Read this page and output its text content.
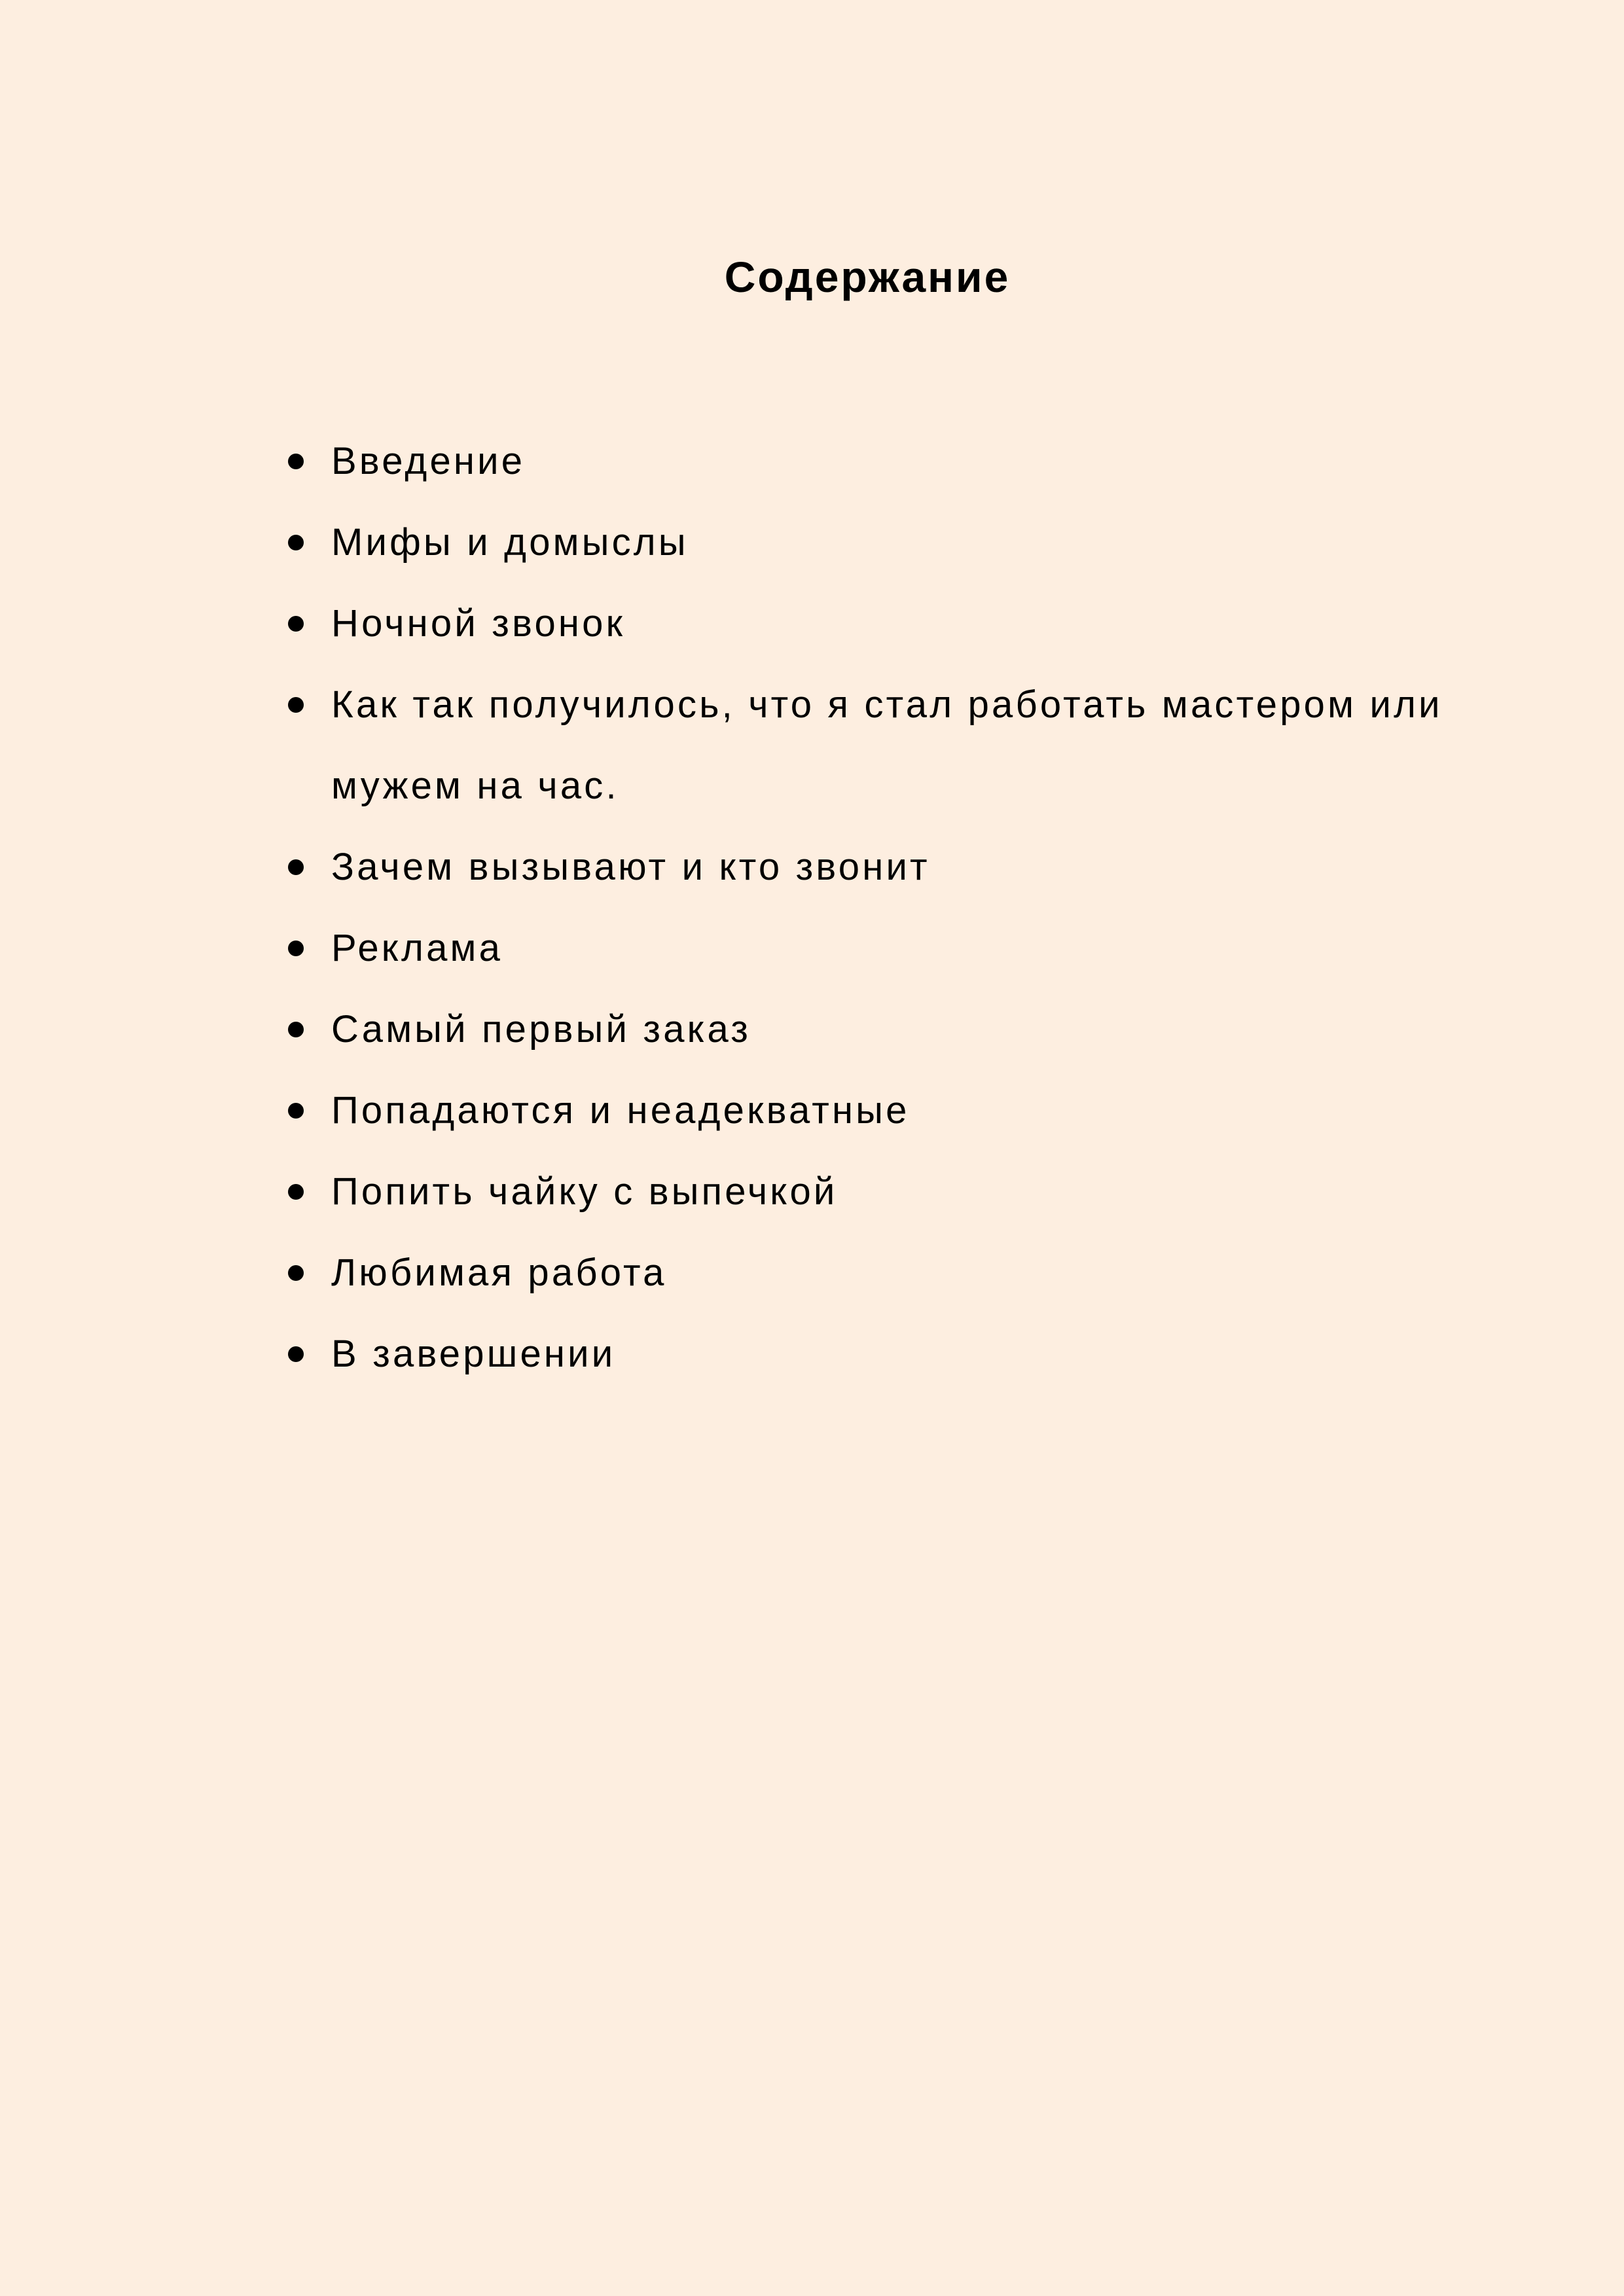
Содержание
Введение
Мифы и домыслы
Ночной звонок
Как так получилось, что я стал работать мастером или мужем на час.
Зачем вызывают и кто звонит
Реклама
Самый первый заказ
Попадаются и неадекватные
Попить чайку с выпечкой
Любимая работа
В завершении
